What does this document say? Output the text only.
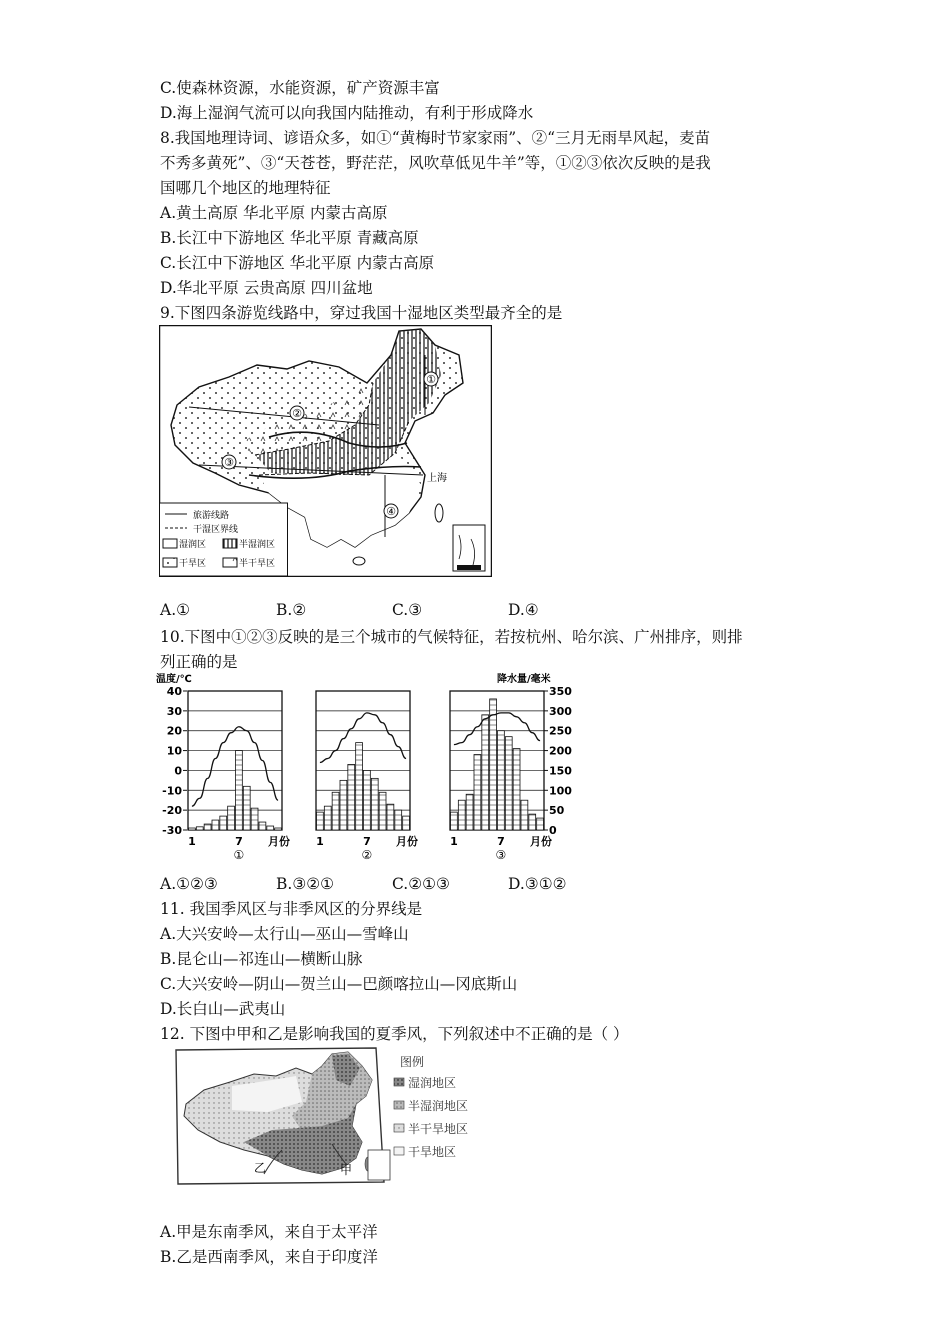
C.使森林资源，水能资源，矿产资源丰富
D.海上湿润气流可以向我国内陆推动，有利于形成降水
8.我国地理诗词、谚语众多，如①“黄梅时节家家雨”、②“三月无雨旱风起，麦苗
不秀多黄死”、③“天苍苍，野茫茫，风吹草低见牛羊”等，①②③依次反映的是我
国哪几个地区的地理特征
A.黄土高原 华北平原 内蒙古高原
B.长江中下游地区 华北平原 青藏高原
C.长江中下游地区 华北平原 内蒙古高原
D.华北平原 云贵高原 四川盆地
9.下图四条游览线路中，穿过我国十湿地区类型最齐全的是
①
②
③
④
上海
旅游线路
干湿区界线
湿润区	半湿润区
干旱区	半干旱区
A.①	B.②	C.③	D.④
10.下图中①②③反映的是三个城市的气候特征，若按杭州、哈尔滨、广州排序，则排
列正确的是
温度/℃	降水量/毫米
40
30
20
10
0
-10
-20
-30
350
300
250
200
150
100
50
0
1	7 月份
①
1	7 月份
②
1	7 月份
③
A.①②③	B.③②①	C.②①③	D.③①②
11. 我国季风区与非季风区的分界线是
A.大兴安岭—太行山—巫山—雪峰山
B.昆仑山—祁连山—横断山脉
C.大兴安岭—阴山—贺兰山—巴颜喀拉山—冈底斯山
D.长白山—武夷山
12. 下图中甲和乙是影响我国的夏季风，下列叙述中不正确的是（ ）
乙	甲
图例
湿润地区
半湿润地区
半干旱地区
干旱地区
A.甲是东南季风，来自于太平洋
B.乙是西南季风，来自于印度洋
